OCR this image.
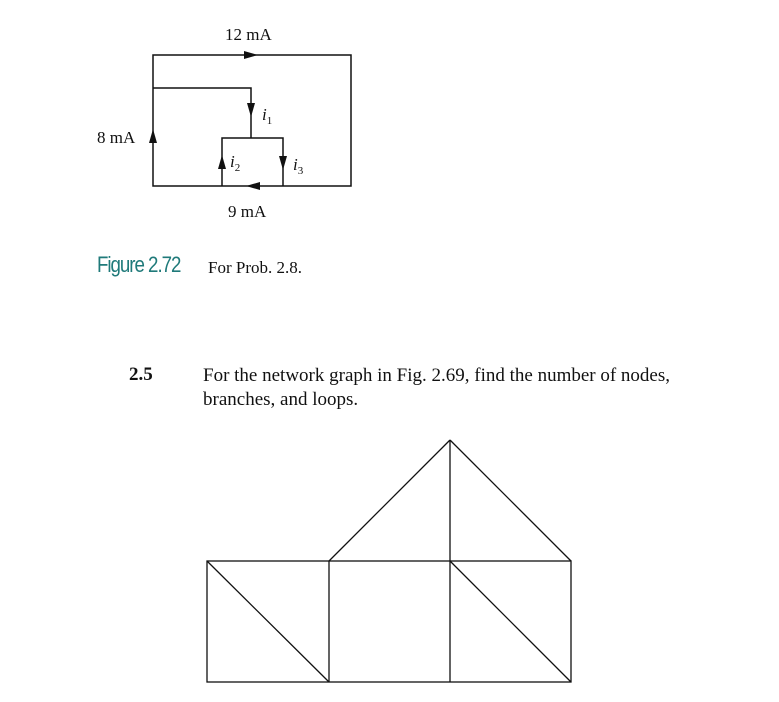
12 mA
8 mA
9 mA
$i_1$
$i_2$	$i_3$
Figure 2.72 For Prob. 2.8.
2.5	For the network graph in Fig. 2.69, find the number of nodes, branches, and loops.
